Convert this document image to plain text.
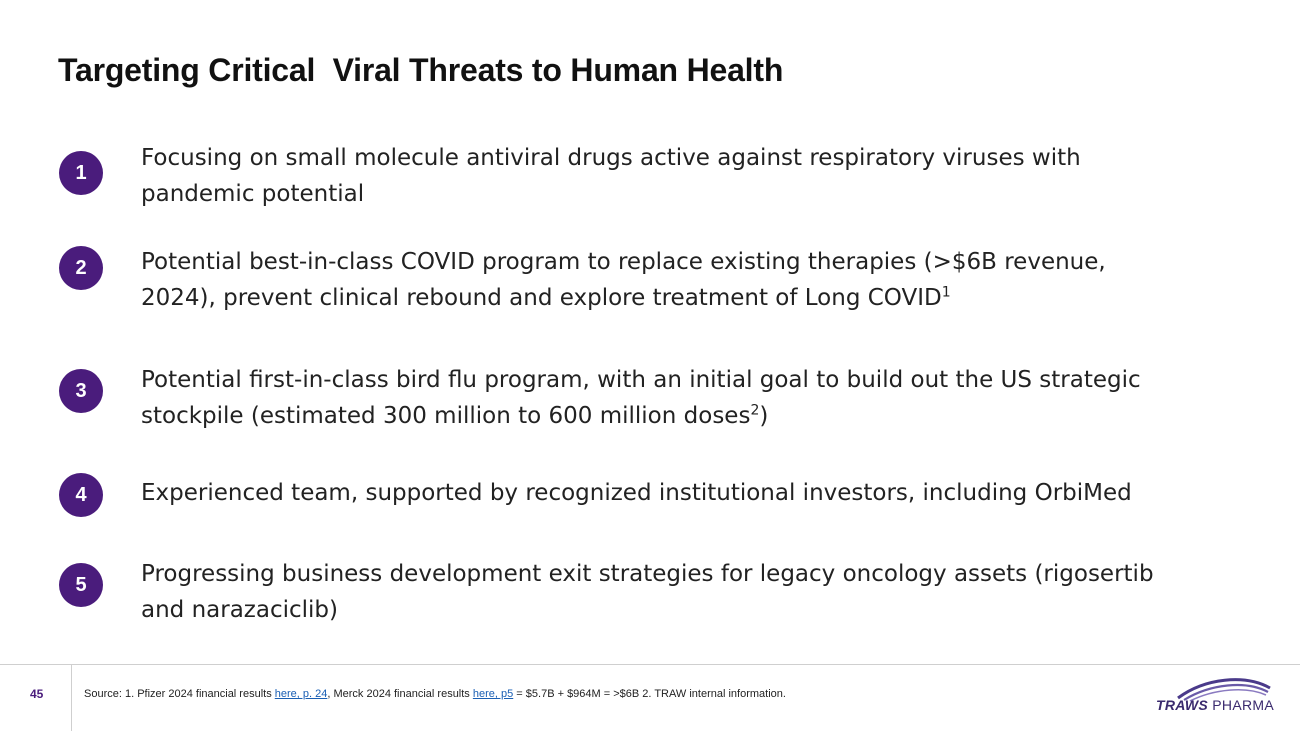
Targeting Critical  Viral Threats to Human Health
1
Focusing on small molecule antiviral drugs active against respiratory viruses with
pandemic potential
2	Potential best-in-class COVID program to replace existing therapies (>$6B revenue,
2024), prevent clinical rebound and explore treatment of Long COVID$^1$
3	Potential first-in-class bird flu program, with an initial goal to build out the US strategic
stockpile (estimated 300 million to 600 million doses$^2$)
4	Experienced team, supported by recognized institutional investors, including OrbiMed
5	Progressing business development exit strategies for legacy oncology assets (rigosertib
and narazaciclib)
45	Source: 1. Pfizer 2024 financial results here, p. 24, Merck 2024 financial results here, p5 = $5.7B + $964M = >$6B 2. TRAW internal information.
TRAWS PHARMA
